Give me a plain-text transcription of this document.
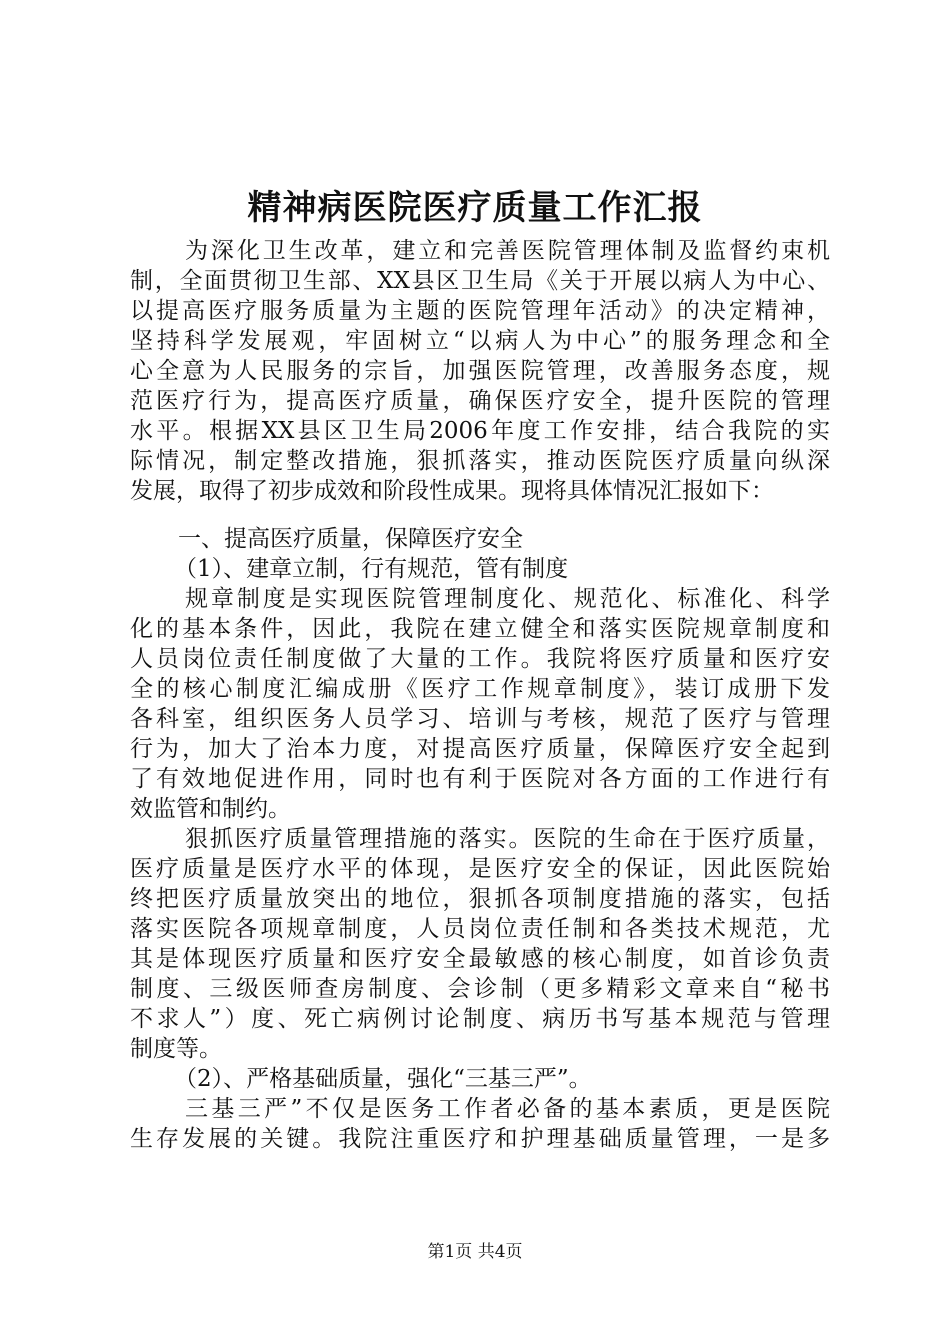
精神病医院医疗质量工作汇报
为深化卫生改革，建立和完善医院管理体制及监督约束机
制，全面贯彻卫生部、XX县区卫生局《关于开展以病人为中心、
以提高医疗服务质量为主题的医院管理年活动》的决定精神，
坚持科学发展观，牢固树立“以病人为中心”的服务理念和全
心全意为人民服务的宗旨，加强医院管理，改善服务态度，规
范医疗行为，提高医疗质量，确保医疗安全，提升医院的管理
水平。根据XX县区卫生局2006年度工作安排，结合我院的实
际情况，制定整改措施，狠抓落实，推动医院医疗质量向纵深
发展，取得了初步成效和阶段性成果。现将具体情况汇报如下：
一、提高医疗质量，保障医疗安全
（1）、建章立制，行有规范，管有制度
规章制度是实现医院管理制度化、规范化、标准化、科学
化的基本条件，因此，我院在建立健全和落实医院规章制度和
人员岗位责任制度做了大量的工作。我院将医疗质量和医疗安
全的核心制度汇编成册《医疗工作规章制度》，装订成册下发
各科室，组织医务人员学习、培训与考核，规范了医疗与管理
行为，加大了治本力度，对提高医疗质量，保障医疗安全起到
了有效地促进作用，同时也有利于医院对各方面的工作进行有
效监管和制约。
狠抓医疗质量管理措施的落实。医院的生命在于医疗质量，
医疗质量是医疗水平的体现，是医疗安全的保证，因此医院始
终把医疗质量放突出的地位，狠抓各项制度措施的落实，包括
落实医院各项规章制度，人员岗位责任制和各类技术规范，尤
其是体现医疗质量和医疗安全最敏感的核心制度，如首诊负责
制度、三级医师查房制度、会诊制（更多精彩文章来自“秘书
不求人”）度、死亡病例讨论制度、病历书写基本规范与管理
制度等。
（2）、严格基础质量，强化“三基三严”。
三基三严”不仅是医务工作者必备的基本素质，更是医院
生存发展的关键。我院注重医疗和护理基础质量管理，一是多
第1页 共4页
